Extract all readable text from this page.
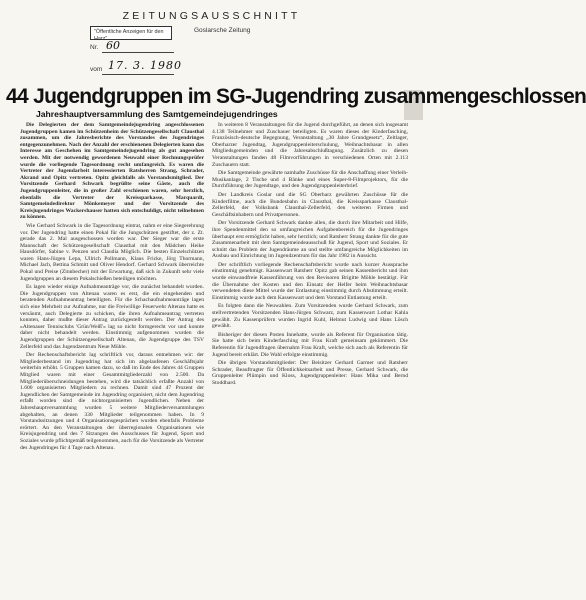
ZEITUNGSAUSSCHNITT
"Öffentliche Anzeigen für den Harz"
Goslarsche Zeitung
Nr. 60
vom 17. 3. 1980
44 Jugendgruppen im SG-Jugendring zusammengeschlossen
Jahreshauptversammlung des Samtgemeindejugendringes

Die Delegierten der dem Samtgemeindejugendring angeschlossenen Jugendgruppen kamen im Schützenheim der Schützengesellschaft Clausthal zusammen, um die Jahresberichte des Vorstandes des Jugendringes entgegenzunehmen. Nach der Anzahl der erschienenen Delegierten kann das Interesse am Geschehen im Samtgemeindejugendring als gut angesehen werden. Mit der notwendig gewordenen Neuwahl einer Rechnungsprüfer wurde die vorliegende Tagesordnung recht umfangreich. Es waren die Vertreter der Jugendarbeit interessierten Ratsherren Strang, Schrader, Akrand und Opitz vertreten. Opitz gleichfalls als Vorstandsmitglied. Der Vorsitzende Gerhard Schwark begrüßte seine Gäste, auch die Jugendgruppenleiter, die in großer Zahl erschienen waren, sehr herzlich, ebenfalls die Vertreter der Kreissparkasse, Marquardt, Samtgemeindedirektor Mönkemeyer und der Vorsitzende des Kreisjugendringes Wackershauser hatten sich entschuldigt, nicht teilnehmen zu können.

Wie Gerhard Schwark in die Tagesordnung eintrat, nahm er eine Siegerehrung vor. Der Jugendring hatte einen Pokal für die Jungschützen gestiftet, der z. Zt. gerade das 2. Mal ausgeschossen worden war. Der Sieger war die erste Mannschaft der Schützengesellschaft Clausthal mit den Mädchen Heike Hausdörfer, Sabine v. Penzen und Claudia Möglich. Die besten Einzelschützen waren Hans-Jürgen Lepa, Ullrich Pollmann, Klaus Fricke, Jörg Thormann, Michael Jach, Bettina Schmitt und Oliver Hendorf. Gerhard Schwark überreichte Pokal und Preise (Zinnbecher) mit der Erwartung, daß sich in Zukunft sehr viele Jugendgruppen an diesem Pokalschießen beteiligen möchten.

Es lagen wieder einige Aufnahmeanträge vor, die zunächst behandelt wurden. Die Jugendgruppen von Altenau waren es erst, die ein eingehenden und beratenden Aufnahmeantrag beteiligten. Für die Schachaufnahmeanträge lagen sich eine Mehrheit zur Aufnahme, nur die Freiwillige Feuerwehr Altenau hatte es versäumt, auch Delegierte zu schicken, die ihren Aufnahmeantrag vertreten konnten, daher mußte dieser Antrag zurückgestellt werden. Der Antrag des »Altenauer Tennisclubs 'Grün/Weiß'« lag so nicht formgerecht vor und konnte daher nicht behandelt werden. Einstimmig aufgenommen wurden die Jugendgruppen der Schützengesellschaft Altenau, die Jugendgruppe des TSV Zellerfeld und das Jugendzentrum Neue Mühle.

Der Rechenschaftsbericht lag schriftlich vor, daraus entnehmen wir: der Mitgliederbestand im Jugendring hat sich im abgelaufenen Geschäftsjahr weiterhin erhöht. 5 Gruppen kamen dazu, so daß im Ende des Jahres 44 Gruppen Mitglied waren mit einer Gesamtmitgliederzahl von 2.500. Da Mitgliederüberschneidungen bestehen, wird die tatsächlich erfaßte Anzahl von 1.600 organisierten Mitgliedern zu rechnen. Damit sind 47 Prozent der Jugendlichen der Samtgemeinde im Jugendring organisiert, nicht dem Jugendring erfaßt worden sind die nichtorganisierten Jugendlichen. Neben der Jahreshauptversammlung wurden 5 weitere Mitgliederversammlungen abgehalten, an denen 330 Mitglieder teilgenommen haben. In 9 Vorstandssitzungen und 4 Organisationsgesprächen wurden ebenfalls Probleme erörtert. An den Veranstaltungen der überregionalen Organisationen wie Kreisjugendring und des 7 Sitzungen des Ausschusses für Jugend, Sport und Soziales wurde pflichtgemäß teilgenommen, auch für die Vorsitzende als Vertreter des Jugendringes für 4 Tage nach Altenau.

In weiteren 8 Veranstaltungen für die Jugend durchgeführt, an denen sich insgesamt 4.138 Teilnehmer und Zuschauer beteiligten. Es waren dieses der Kinderfasching, Französisch-deutsche Begegnung, Veranstaltung „30 Jahre Grundgesetz“, Zeltlager, Oberharzer Jugendtag, Jugendgruppenleiterschulung, Weihnachtsbasar in allen Mitgliedsgemeinden und die Jahresabschlußtagung. Zusätzlich zu diesen Veranstaltungen fanden 48 Filmvorführungen in verschiedenen Orten mit 2.113 Zuschauern statt.

Die Samtgemeinde gewährte namhafte Zuschüsse für die Anschaffung einer Verleih-Musikanlage, 2 Tische und 4 Bänke und eines Super-8-Filmprojektors, für die Durchführung der Jugendtage, und den Jugendgruppenleiterbrief.

Der Landkreis Goslar und die SG Oberharz gewährten Zuschüsse für die Kinderfilme, auch die Bundesbahn in Clausthal, die Kreissparkasse Clausthal-Zellerfeld, der Volksbank Clausthal-Zellerfeld, den weiteren Firmen und Geschäftsinhabern und Privatpersonen.

Der Vorsitzende Gerhard Schwark dankte allen, die durch ihre Mitarbeit und Hilfe, ihre Spendenmittel den so umfangreichen Aufgabenbereich für die Jugendringes überhaupt erst ermöglicht haben, sehr herzlich; und Ratsherr Strang dankte für die gute Zusammenarbeit mit dem Samtgemeindeausschuß für Jugend, Sport und Soziales. Er schnitt das Problem der Jugendräume an und stellte umfangreiche Möglichkeiten im Ausbau und Einrichtung im Jugendzentrum für das Jahr 1982 in Aussicht.

Der schriftlich vorliegende Rechenschaftsbericht wurde nach kurzer Aussprache einstimmig genehmigt. Kassenwart Ratsherr Opitz gab seinen Kassenbericht und ihm wurde einwandfreie Kassenführung von den Revisoren Brigitte Möhle bestätigt. Für die Übernahme der Kosten und den Einsatz der Helfer beim Weihnachtsbasar verwendeten diese Mittel wurde der Entlastung einstimmig durch Abstimmung erteilt. Einstimmig wurde auch dem Kassenwart und dem Vorstand Entlastung erteilt.

Es folgten dann die Neuwahlen. Zum Vorsitzenden wurde Gerhard Schwark, zum stellvertretenden Vorsitzenden Hans-Jürgen Schwarz, zum Kassenwart Lothar Kahla gewählt. Zu Kassenprüfern wurden Ingrid Kuhl, Helmut Ludwig und Hans Lösch gewählt.

Bisheriger der diesen Posten Innehatte, wurde als Referent für Organisation tätig. Sie hatte sich beim Kinderfasching mit Frau Kraft gemeinsam gekümmert. Die Referentin für Jugendfragen übernahm Frau Kraft, welche sich auch als Referentin für Jugend bereit erklärt. Die Wahl erfolgte einstimmig.

Die übrigen Vorstandsmitglieder: Der Beisitzer Gerhard Garmer und Ratsherr Schrader, Beauftragter für Öffentlichkeitsarbeit und Presse, Gerhard Schwark, die Gruppenleiter Plümpin und Kloss, Jugendgruppenleiter: Hans Mika und Bernd Stoddhard.
